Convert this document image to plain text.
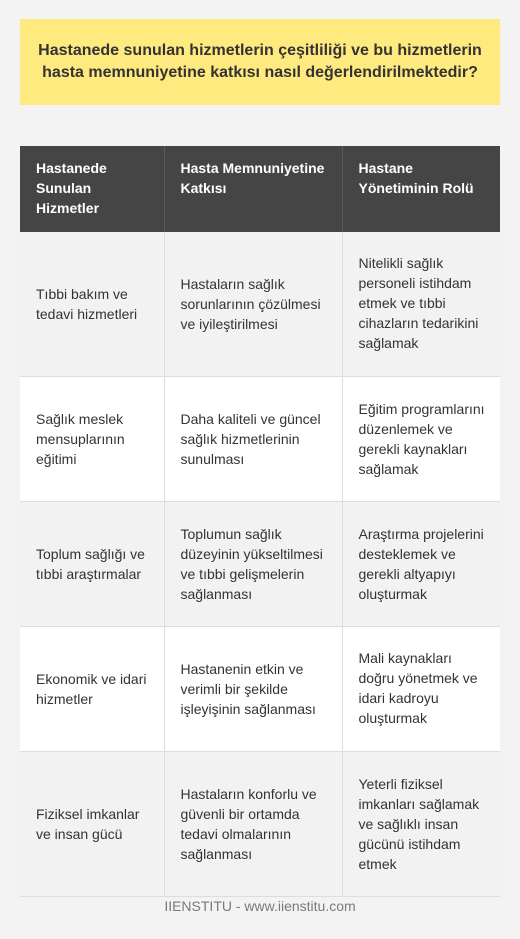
Hastanede sunulan hizmetlerin çeşitliliği ve bu hizmetlerin hasta memnuniyetine katkısı nasıl değerlendirilmektedir?
Hastanede Sunulan Hizmetler	Hasta Memnuniyetine Katkısı	Hastane Yönetiminin Rolü
Tıbbi bakım ve tedavi hizmetleri	Hastaların sağlık sorunlarının çözülmesi ve iyileştirilmesi	Nitelikli sağlık personeli istihdam etmek ve tıbbi cihazların tedarikini sağlamak
Sağlık meslek mensuplarının eğitimi	Daha kaliteli ve güncel sağlık hizmetlerinin sunulması	Eğitim programlarını düzenlemek ve gerekli kaynakları sağlamak
Toplum sağlığı ve tıbbi araştırmalar	Toplumun sağlık düzeyinin yükseltilmesi ve tıbbi gelişmelerin sağlanması	Araştırma projelerini desteklemek ve gerekli altyapıyı oluşturmak
Ekonomik ve idari hizmetler	Hastanenin etkin ve verimli bir şekilde işleyişinin sağlanması	Mali kaynakları doğru yönetmek ve idari kadroyu oluşturmak
Fiziksel imkanlar ve insan gücü	Hastaların konforlu ve güvenli bir ortamda tedavi olmalarının sağlanması	Yeterli fiziksel imkanları sağlamak ve sağlıklı insan gücünü istihdam etmek
IIENSTITU - www.iienstitu.com
